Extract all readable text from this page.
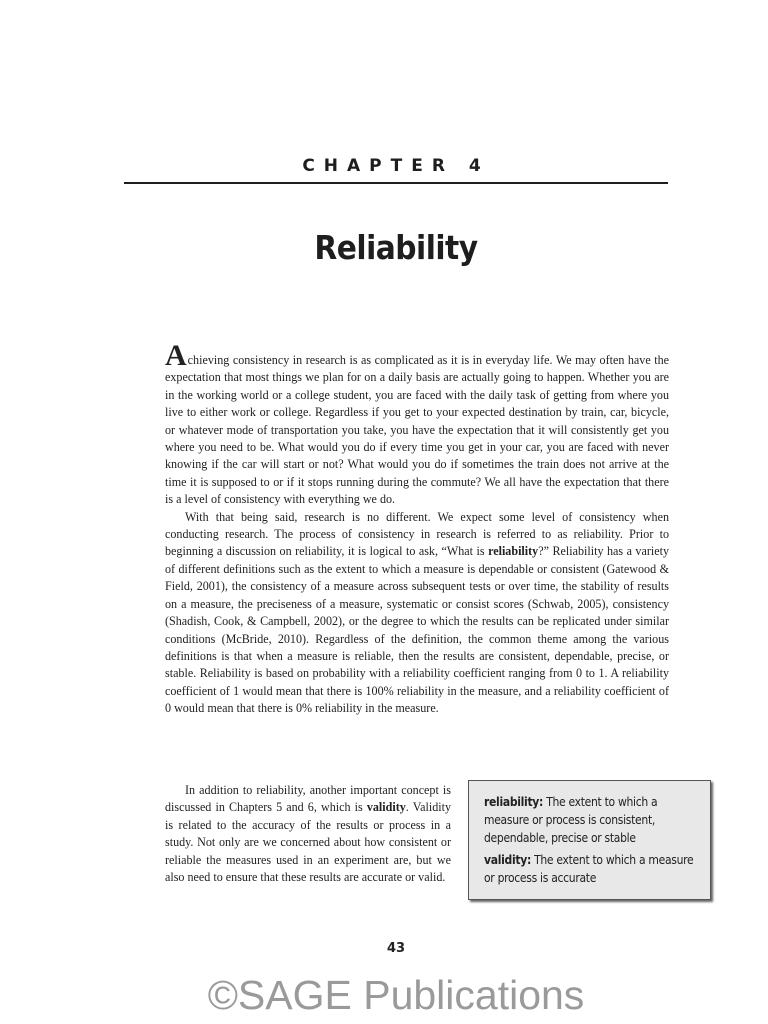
CHAPTER 4
Reliability

Achieving consistency in research is as complicated as it is in everyday life. We may often have the expectation that most things we plan for on a daily basis are actually going to happen. Whether you are in the working world or a college student, you are faced with the daily task of getting from where you live to either work or college. Regardless if you get to your expected destination by train, car, bicycle, or whatever mode of transportation you take, you have the expectation that it will consistently get you where you need to be. What would you do if every time you get in your car, you are faced with never knowing if the car will start or not? What would you do if sometimes the train does not arrive at the time it is supposed to or if it stops running during the commute? We all have the expectation that there is a level of consistency with everything we do.

With that being said, research is no different. We expect some level of consistency when conducting research. The process of consistency in research is referred to as reliability. Prior to beginning a discussion on reliability, it is logical to ask, “What is reliability?” Reliability has a variety of different definitions such as the extent to which a measure is dependable or consistent (Gatewood & Field, 2001), the consistency of a measure across subsequent tests or over time, the stability of results on a measure, the preciseness of a measure, systematic or consist scores (Schwab, 2005), consistency (Shadish, Cook, & Campbell, 2002), or the degree to which the results can be replicated under similar conditions (McBride, 2010). Regardless of the definition, the common theme among the various definitions is that when a measure is reliable, then the results are consistent, dependable, precise, or stable. Reliability is based on probability with a reliability coefficient ranging from 0 to 1. A reliability coefficient of 1 would mean that there is 100% reliability in the measure, and a reliability coefficient of 0 would mean that there is 0% reliability in the measure.

In addition to reliability, another important concept is discussed in Chapters 5 and 6, which is validity. Validity is related to the accuracy of the results or process in a study. Not only are we concerned about how consistent or reliable the measures used in an experiment are, but we also need to ensure that these results are accurate or valid.

reliability: The extent to which a measure or process is consistent, dependable, precise or stable
validity: The extent to which a measure or process is accurate
43
©SAGE Publications
